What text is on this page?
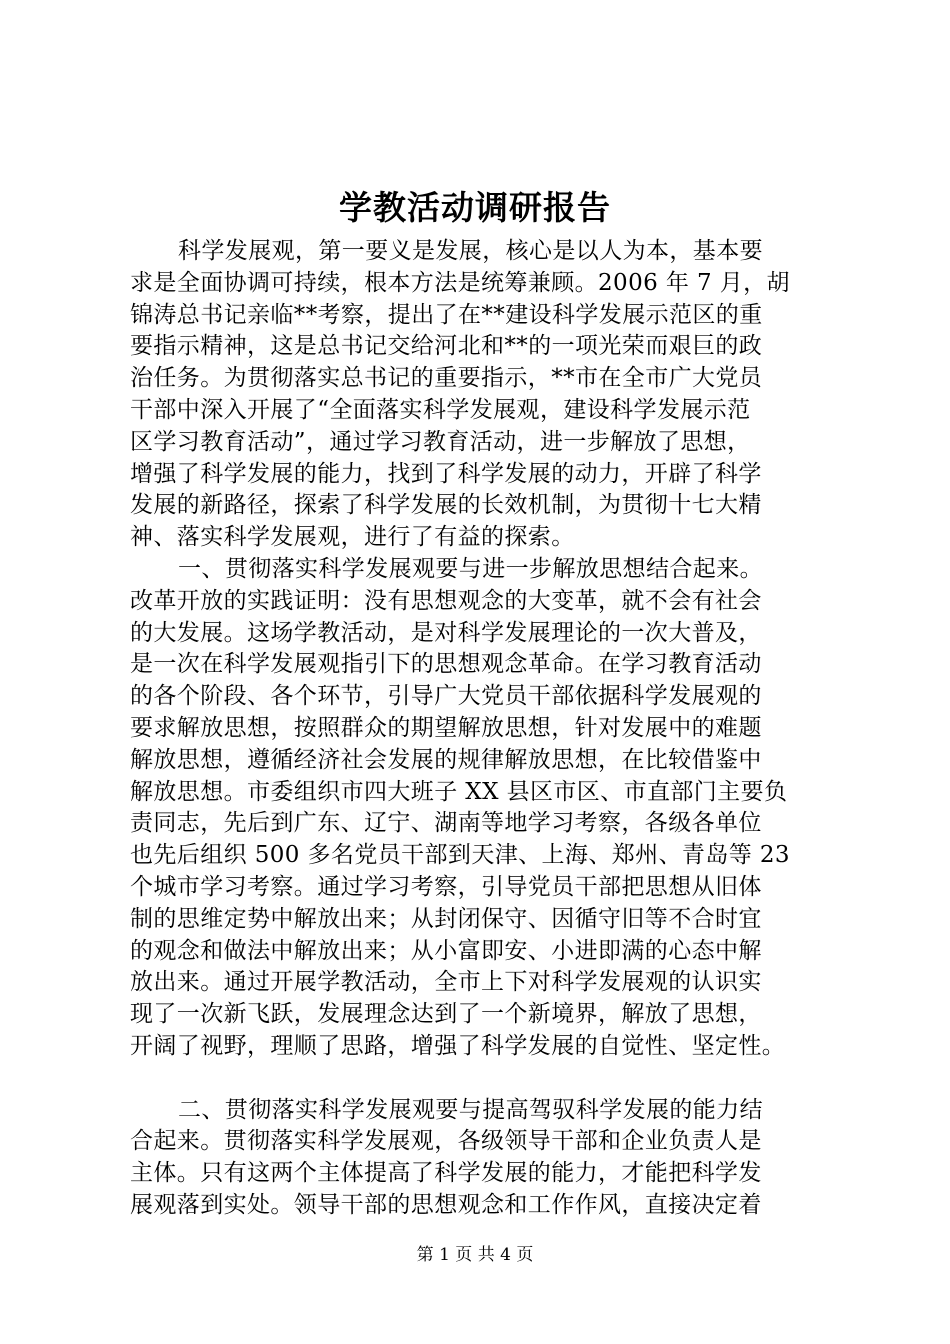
学教活动调研报告
科学发展观，第一要义是发展，核心是以人为本，基本要
求是全面协调可持续，根本方法是统筹兼顾。2006 年 7 月，胡
锦涛总书记亲临**考察，提出了在**建设科学发展示范区的重
要指示精神，这是总书记交给河北和**的一项光荣而艰巨的政
治任务。为贯彻落实总书记的重要指示，**市在全市广大党员
干部中深入开展了“全面落实科学发展观，建设科学发展示范
区学习教育活动”，通过学习教育活动，进一步解放了思想，
增强了科学发展的能力，找到了科学发展的动力，开辟了科学
发展的新路径，探索了科学发展的长效机制，为贯彻十七大精
神、落实科学发展观，进行了有益的探索。
一、贯彻落实科学发展观要与进一步解放思想结合起来。
改革开放的实践证明：没有思想观念的大变革，就不会有社会
的大发展。这场学教活动，是对科学发展理论的一次大普及，
是一次在科学发展观指引下的思想观念革命。在学习教育活动
的各个阶段、各个环节，引导广大党员干部依据科学发展观的
要求解放思想，按照群众的期望解放思想，针对发展中的难题
解放思想，遵循经济社会发展的规律解放思想，在比较借鉴中
解放思想。市委组织市四大班子 XX 县区市区、市直部门主要负
责同志，先后到广东、辽宁、湖南等地学习考察，各级各单位
也先后组织 500 多名党员干部到天津、上海、郑州、青岛等 23
个城市学习考察。通过学习考察，引导党员干部把思想从旧体
制的思维定势中解放出来；从封闭保守、因循守旧等不合时宜
的观念和做法中解放出来；从小富即安、小进即满的心态中解
放出来。通过开展学教活动，全市上下对科学发展观的认识实
现了一次新飞跃，发展理念达到了一个新境界，解放了思想，
开阔了视野，理顺了思路，增强了科学发展的自觉性、坚定性。
二、贯彻落实科学发展观要与提高驾驭科学发展的能力结
合起来。贯彻落实科学发展观，各级领导干部和企业负责人是
主体。只有这两个主体提高了科学发展的能力，才能把科学发
展观落到实处。领导干部的思想观念和工作作风，直接决定着
第 1 页 共 4 页
